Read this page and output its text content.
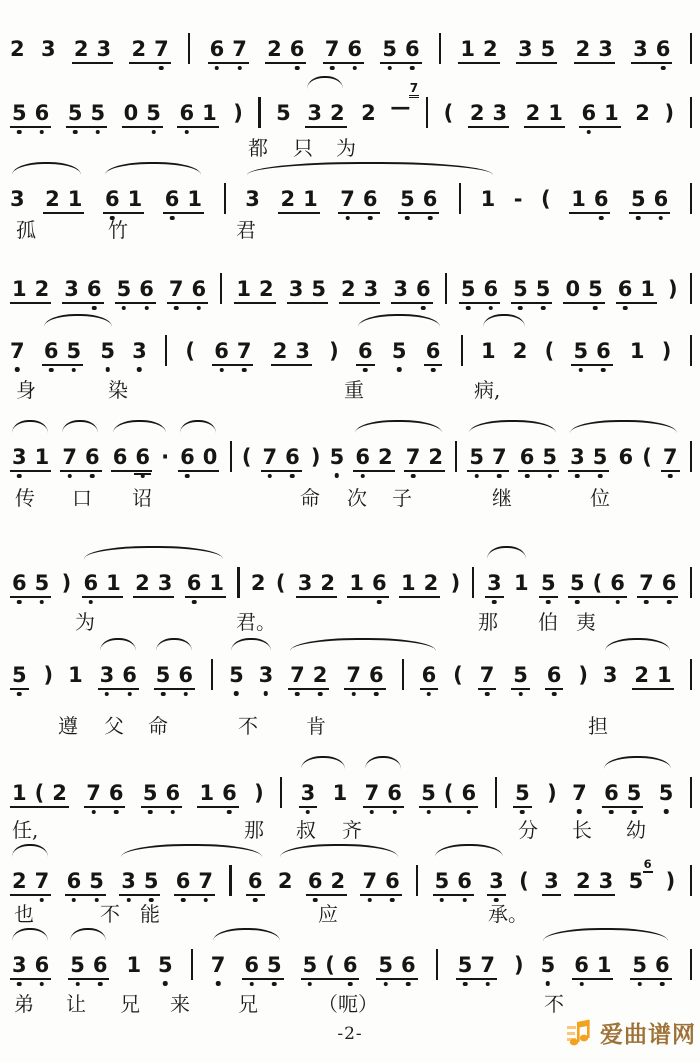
2 3 2 3 2 7 6 7 2 6 7 6 5 6 1 2 3 5 2 3 3 6
5 6 5 5 0 5 6 1 ) 5 3 2 2 —
7
( 2 3 2 1 6 1 2 )
都 只 为
3 2 1 6 1 6 1 3 2 1 7 6 5 6 1 - ( 1 6 5 6
孤	竹	君
1 2 3 6 5 6 7 6 1 2 3 5 2 3 3 6 5 6 5 5 0 5 6 1 )
7 6 5 5 3 ( 6 7 2 3 ) 6 5 6 1 2 ( 5 6 1 )
身	染	重	病,
3 1 7 6 6 6 · 6 0 ( 7 6 ) 5 6 2 7 2 5 7 6 5 3 5 6 ( 7
传 口 诏	命 次 子	继	位
6 5 ) 6 1 2 3 6 1 2 ( 3 2 1 6 1 2 ) 3 1 5 5 ( 6 7 6
为	君。	那 伯 夷
5 ) 1 3 6 5 6 5 3 7 2 7 6 6 ( 7 5 6 ) 3 2 1
遵 父 命	不 肯	担
1 ( 2 7 6 5 6 1 6 ) 3 1 7 6 5 ( 6 5 ) 7 6 5 5
任,	那 叔 齐	分 长 幼
2 7 6 5 3 5 6 7 6 2 6 2 7 6 5 6 3 ( 3 2 3 5
6
)
也	不 能	应	承。
3 6 5 6 1 5 7 6 5 5 ( 6 5 6 5 7 ) 5 6 1 5 6
弟 让 兄 来 兄	（呃）	不
-2-	爱曲谱网
